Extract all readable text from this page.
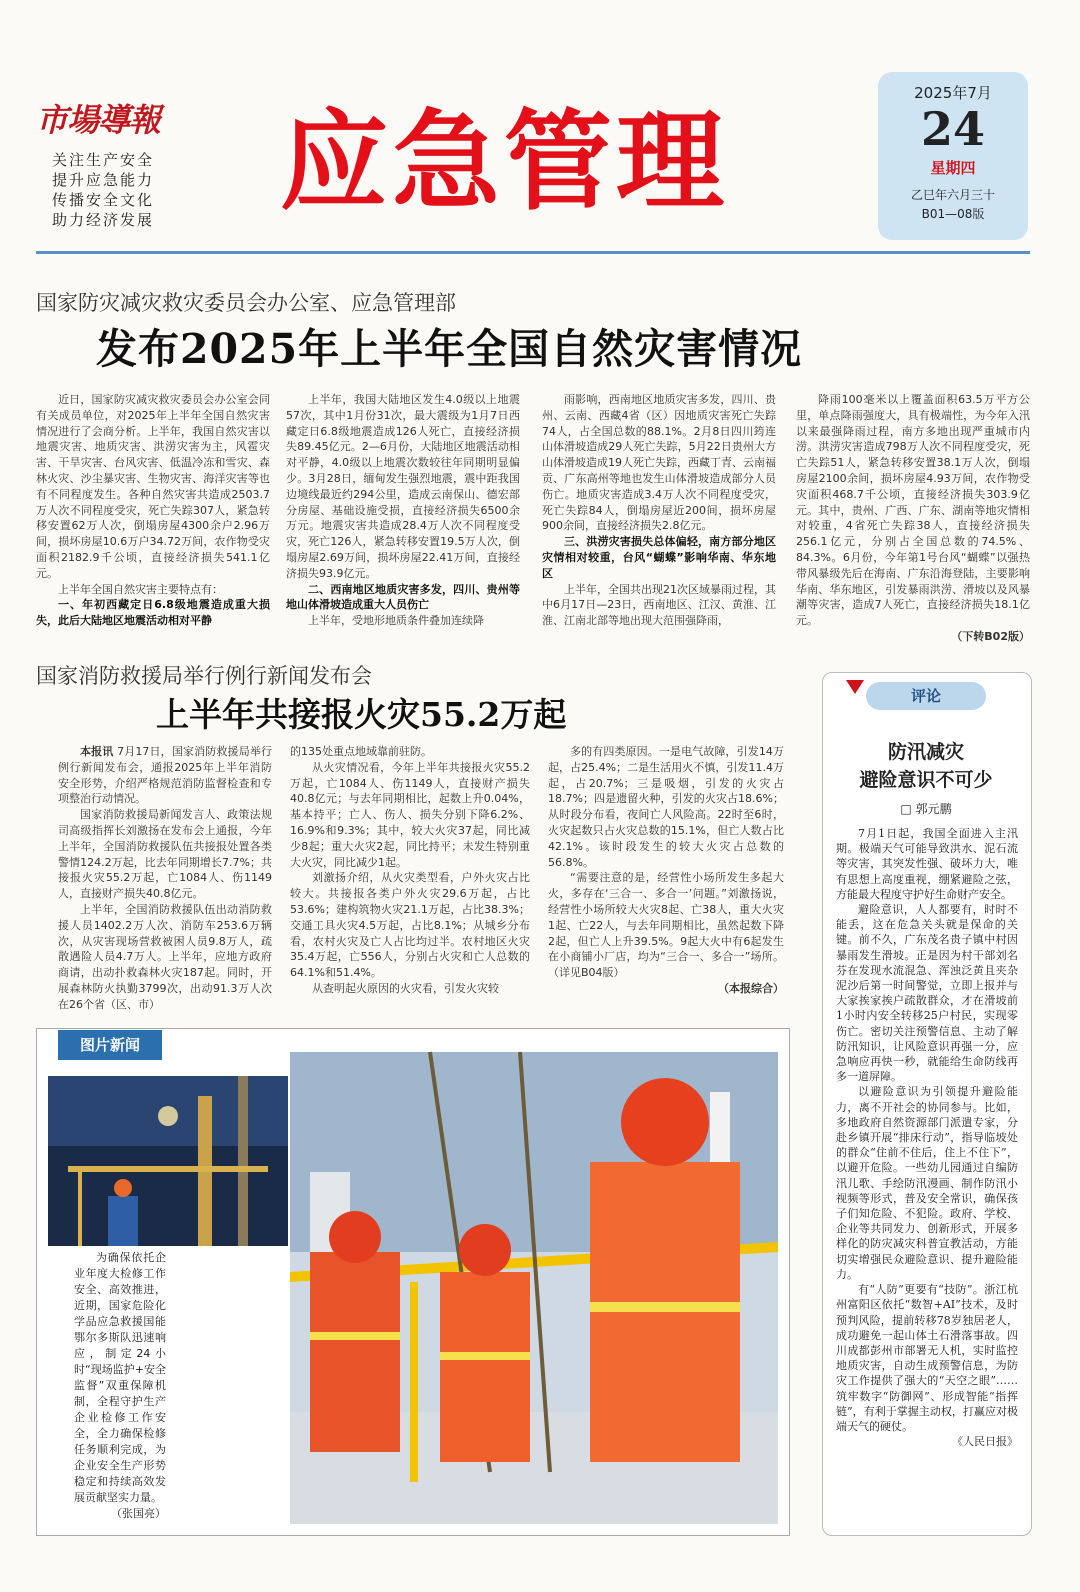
市場導報
关注生产安全
提升应急能力
传播安全文化
助力经济发展 应急管理
2025年7月
24
星期四
乙巳年六月三十
B01—08版
国家防灾减灾救灾委员会办公室、应急管理部
发布2025年上半年全国自然灾害情况

近日，国家防灾减灾救灾委员会办公室会同有关成员单位，对2025年上半年全国自然灾害情况进行了会商分析。上半年，我国自然灾害以地震灾害、地质灾害、洪涝灾害为主，风雹灾害、干旱灾害、台风灾害、低温冷冻和雪灾、森林火灾、沙尘暴灾害、生物灾害、海洋灾害等也有不同程度发生。各种自然灾害共造成2503.7万人次不同程度受灾，死亡失踪307人，紧急转移安置62万人次，倒塌房屋4300余户2.96万间，损坏房屋10.6万户34.72万间，农作物受灾面积2182.9千公顷，直接经济损失541.1亿元。

上半年全国自然灾害主要特点有：

一、年初西藏定日6.8级地震造成重大损失，此后大陆地区地震活动相对平静

上半年，我国大陆地区发生4.0级以上地震57次，其中1月份31次，最大震级为1月7日西藏定日6.8级地震造成126人死亡，直接经济损失89.45亿元。2—6月份，大陆地区地震活动相对平静，4.0级以上地震次数较往年同期明显偏少。3月28日，缅甸发生强烈地震，震中距我国边境线最近约294公里，造成云南保山、德宏部分房屋、基础设施受损，直接经济损失6500余万元。地震灾害共造成28.4万人次不同程度受灾，死亡126人，紧急转移安置19.5万人次，倒塌房屋2.69万间，损坏房屋22.41万间，直接经济损失93.9亿元。

二、西南地区地质灾害多发，四川、贵州等地山体滑坡造成重大人员伤亡

上半年，受地形地质条件叠加连续降

雨影响，西南地区地质灾害多发，四川、贵州、云南、西藏4省（区）因地质灾害死亡失踪74人，占全国总数的88.1%。2月8日四川筠连山体滑坡造成29人死亡失踪，5月22日贵州大方山体滑坡造成19人死亡失踪，西藏丁青、云南福贡、广东高州等地也发生山体滑坡造成部分人员伤亡。地质灾害造成3.4万人次不同程度受灾，死亡失踪84人，倒塌房屋近200间，损坏房屋900余间，直接经济损失2.8亿元。

三、洪涝灾害损失总体偏轻，南方部分地区灾情相对较重，台风“蝴蝶”影响华南、华东地区

上半年，全国共出现21次区域暴雨过程，其中6月17日—23日，西南地区、江汉、黄淮、江淮、江南北部等地出现大范围强降雨，

降雨100毫米以上覆盖面积63.5万平方公里，单点降雨强度大，具有极端性，为今年入汛以来最强降雨过程，南方多地出现严重城市内涝。洪涝灾害造成798万人次不同程度受灾，死亡失踪51人，紧急转移安置38.1万人次，倒塌房屋2100余间，损坏房屋4.93万间，农作物受灾面积468.7千公顷，直接经济损失303.9亿元。其中，贵州、广西、广东、湖南等地灾情相对较重，4省死亡失踪38人，直接经济损失256.1亿元，分别占全国总数的74.5%、84.3%。6月份，今年第1号台风“蝴蝶”以强热带风暴级先后在海南、广东沿海登陆，主要影响华南、华东地区，引发暴雨洪涝、滑坡以及风暴潮等灾害，造成7人死亡，直接经济损失18.1亿元。

（下转B02版）
国家消防救援局举行例行新闻发布会
上半年共接报火灾55.2万起

本报讯 7月17日，国家消防救援局举行例行新闻发布会，通报2025年上半年消防安全形势，介绍严格规范消防监督检查和专项整治行动情况。

国家消防救援局新闻发言人、政策法规司高级指挥长刘激扬在发布会上通报，今年上半年，全国消防救援队伍共接报处置各类警情124.2万起，比去年同期增长7.7%；共接报火灾55.2万起，亡1084人、伤1149人，直接财产损失40.8亿元。

上半年，全国消防救援队伍出动消防救援人员1402.2万人次、消防车253.6万辆次，从灾害现场营救被困人员9.8万人，疏散遇险人员4.7万人。上半年，应地方政府商请，出动扑救森林火灾187起。同时，开展森林防火执勤3799次，出动91.3万人次在26个省（区、市）

的135处重点地域靠前驻防。

从火灾情况看，今年上半年共接报火灾55.2万起，亡1084人、伤1149人，直接财产损失40.8亿元；与去年同期相比，起数上升0.04%，基本持平；亡人、伤人、损失分别下降6.2%、16.9%和9.3%；其中，较大火灾37起，同比减少8起；重大火灾2起，同比持平；未发生特别重大火灾，同比减少1起。

刘激扬介绍，从火灾类型看，户外火灾占比较大。共接报各类户外火灾29.6万起，占比53.6%；建构筑物火灾21.1万起，占比38.3%；交通工具火灾4.5万起，占比8.1%；从城乡分布看，农村火灾及亡人占比均过半。农村地区火灾35.4万起，亡556人，分别占火灾和亡人总数的64.1%和51.4%。

从查明起火原因的火灾看，引发火灾较

多的有四类原因。一是电气故障，引发14万起，占25.4%；二是生活用火不慎，引发11.4万起，占20.7%；三是吸烟，引发的火灾占18.7%；四是遗留火种，引发的火灾占18.6%；从时段分布看，夜间亡人风险高。22时至6时，火灾起数只占火灾总数的15.1%，但亡人数占比42.1%。该时段发生的较大火灾占总数的56.8%。

“需要注意的是，经营性小场所发生多起大火，多存在‘三合一、多合一’问题。”刘激扬说，经营性小场所较大火灾8起、亡38人，重大火灾1起、亡22人，与去年同期相比，虽然起数下降2起，但亡人上升39.5%。9起大火中有6起发生在小商铺小厂店，均为“三合一、多合一”场所。（详见B04版）

（本报综合）
评论
防汛减灾
避险意识不可少
□ 郭元鹏

7月1日起，我国全面进入主汛期。极端天气可能导致洪水、泥石流等灾害，其突发性强、破坏力大，唯有思想上高度重视，绷紧避险之弦，方能最大程度守护好生命财产安全。

避险意识，人人都要有，时时不能丢，这在危急关头就是保命的关键。前不久，广东茂名贵子镇中村因暴雨发生滑坡。正是因为村干部刘名芬在发现水流混急、浑浊泛黄且夹杂泥沙后第一时间警觉，立即上报并与大家挨家挨户疏散群众，才在滑坡前1小时内安全转移25户村民，实现零伤亡。密切关注预警信息、主动了解防汛知识，让风险意识再强一分，应急响应再快一秒，就能给生命防线再多一道屏障。

以避险意识为引领提升避险能力，离不开社会的协同参与。比如，多地政府自然资源部门派遣专家，分赴乡镇开展“排床行动”，指导临坡处的群众“住前不住后，住上不住下”，以避开危险。一些幼儿园通过自编防汛儿歌、手绘防汛漫画、制作防汛小视频等形式，普及安全常识，确保孩子们知危险、不犯险。政府、学校、企业等共同发力、创新形式，开展多样化的防灾减灾科普宣教活动，方能切实增强民众避险意识、提升避险能力。

有“人防”更要有“技防”。浙江杭州富阳区依托“数智+AI”技术，及时预判风险，提前转移78岁独居老人，成功避免一起山体土石滑落事故。四川成都彭州市部署无人机，实时监控地质灾害，自动生成预警信息，为防灾工作提供了强大的“天空之眼”……筑牢数字“防御网”、形成智能“指挥链”，有利于掌握主动权，打赢应对极端天气的硬仗。

《人民日报》
图片新闻
为确保依托企业年度大检修工作安全、高效推进，近期，国家危险化学品应急救援国能鄂尔多斯队迅速响应，制定24小时“现场监护+安全监督”双重保障机制，全程守护生产企业检修工作安全，全力确保检修任务顺利完成，为企业安全生产形势稳定和持续高效发展贡献坚实力量。
（张国亮）
